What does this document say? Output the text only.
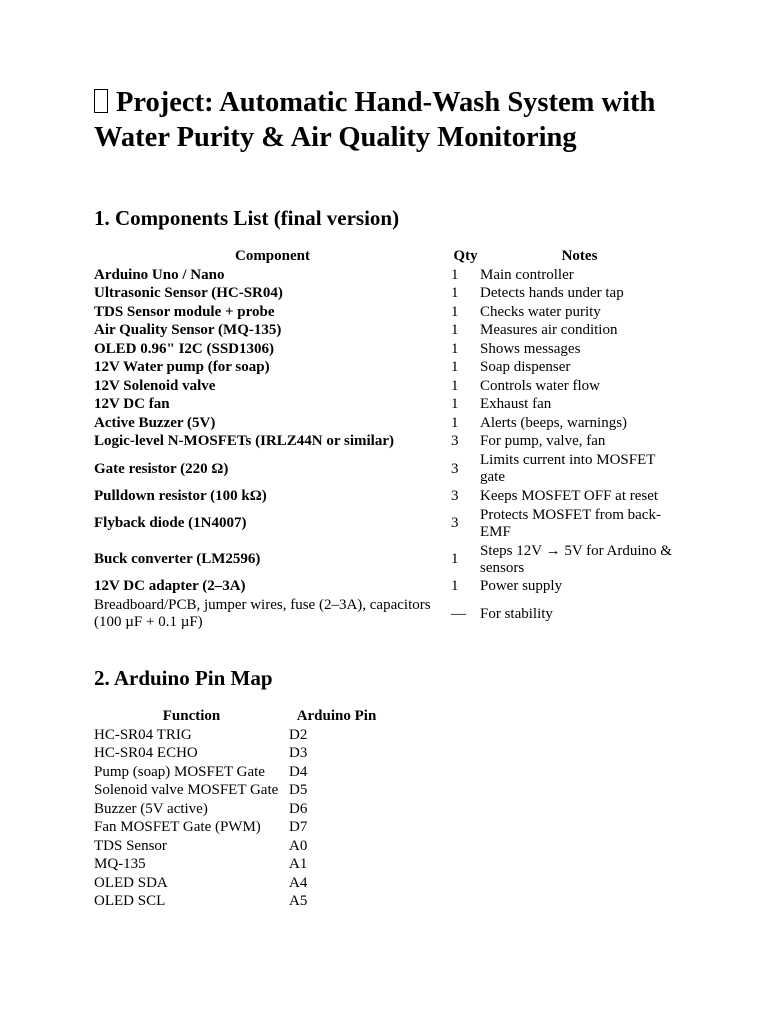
Project: Automatic Hand-Wash System with Water Purity & Air Quality Monitoring
1. Components List (final version)
Component	Qty	Notes
Arduino Uno / Nano	1	Main controller
Ultrasonic Sensor (HC-SR04)	1	Detects hands under tap
TDS Sensor module + probe	1	Checks water purity
Air Quality Sensor (MQ-135)	1	Measures air condition
OLED 0.96" I2C (SSD1306)	1	Shows messages
12V Water pump (for soap)	1	Soap dispenser
12V Solenoid valve	1	Controls water flow
12V DC fan	1	Exhaust fan
Active Buzzer (5V)	1	Alerts (beeps, warnings)
Logic-level N-MOSFETs (IRLZ44N or similar)	3	For pump, valve, fan
Gate resistor (220 Ω)	3	Limits current into MOSFET gate
Pulldown resistor (100 kΩ)	3	Keeps MOSFET OFF at reset
Flyback diode (1N4007)	3	Protects MOSFET from back-EMF
Buck converter (LM2596)	1	Steps 12V → 5V for Arduino & sensors
12V DC adapter (2–3A)	1	Power supply
Breadboard/PCB, jumper wires, fuse (2–3A), capacitors (100 µF + 0.1 µF)	—	For stability
2. Arduino Pin Map
Function	Arduino Pin
HC-SR04 TRIG	D2
HC-SR04 ECHO	D3
Pump (soap) MOSFET Gate	D4
Solenoid valve MOSFET Gate	D5
Buzzer (5V active)	D6
Fan MOSFET Gate (PWM)	D7
TDS Sensor	A0
MQ-135	A1
OLED SDA	A4
OLED SCL	A5
